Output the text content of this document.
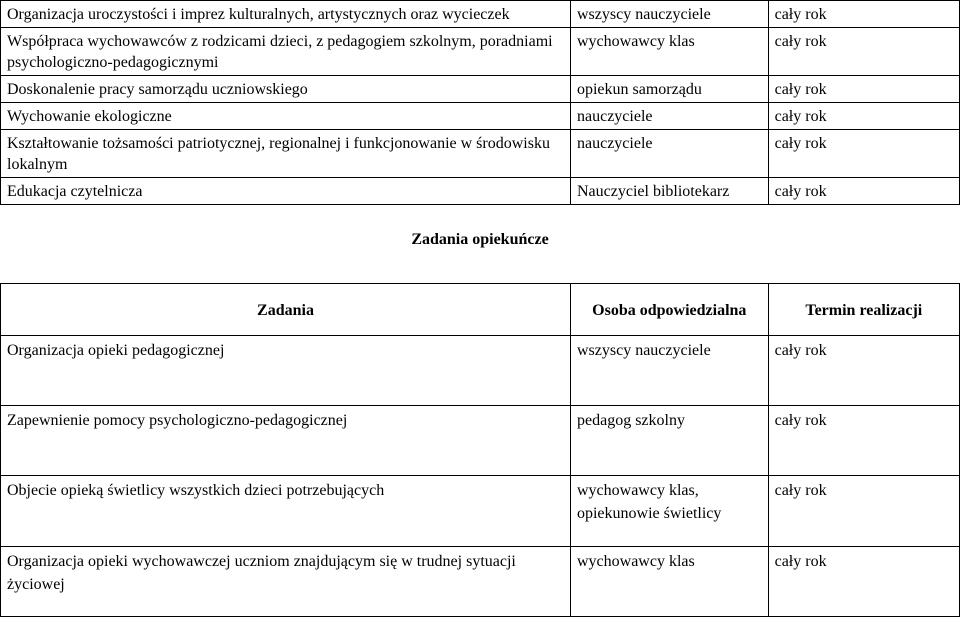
Organizacja uroczystości i imprez kulturalnych, artystycznych oraz wycieczek	wszyscy nauczyciele	cały rok
Współpraca wychowawców z rodzicami dzieci, z pedagogiem szkolnym, poradniami psychologiczno-pedagogicznymi	wychowawcy klas	cały rok
Doskonalenie pracy samorządu uczniowskiego	opiekun samorządu	cały rok
Wychowanie ekologiczne	nauczyciele	cały rok
Kształtowanie tożsamości patriotycznej, regionalnej i funkcjonowanie w środowisku lokalnym	nauczyciele	cały rok
Edukacja czytelnicza	Nauczyciel bibliotekarz	cały rok
Zadania opiekuńcze
Zadania	Osoba odpowiedzialna	Termin realizacji
Organizacja opieki pedagogicznej	wszyscy nauczyciele	cały rok
Zapewnienie pomocy psychologiczno-pedagogicznej	pedagog szkolny	cały rok
Objecie opieką świetlicy wszystkich dzieci potrzebujących	wychowawcy klas, opiekunowie świetlicy	cały rok
Organizacja opieki wychowawczej uczniom znajdującym się w trudnej sytuacji życiowej	wychowawcy klas	cały rok
